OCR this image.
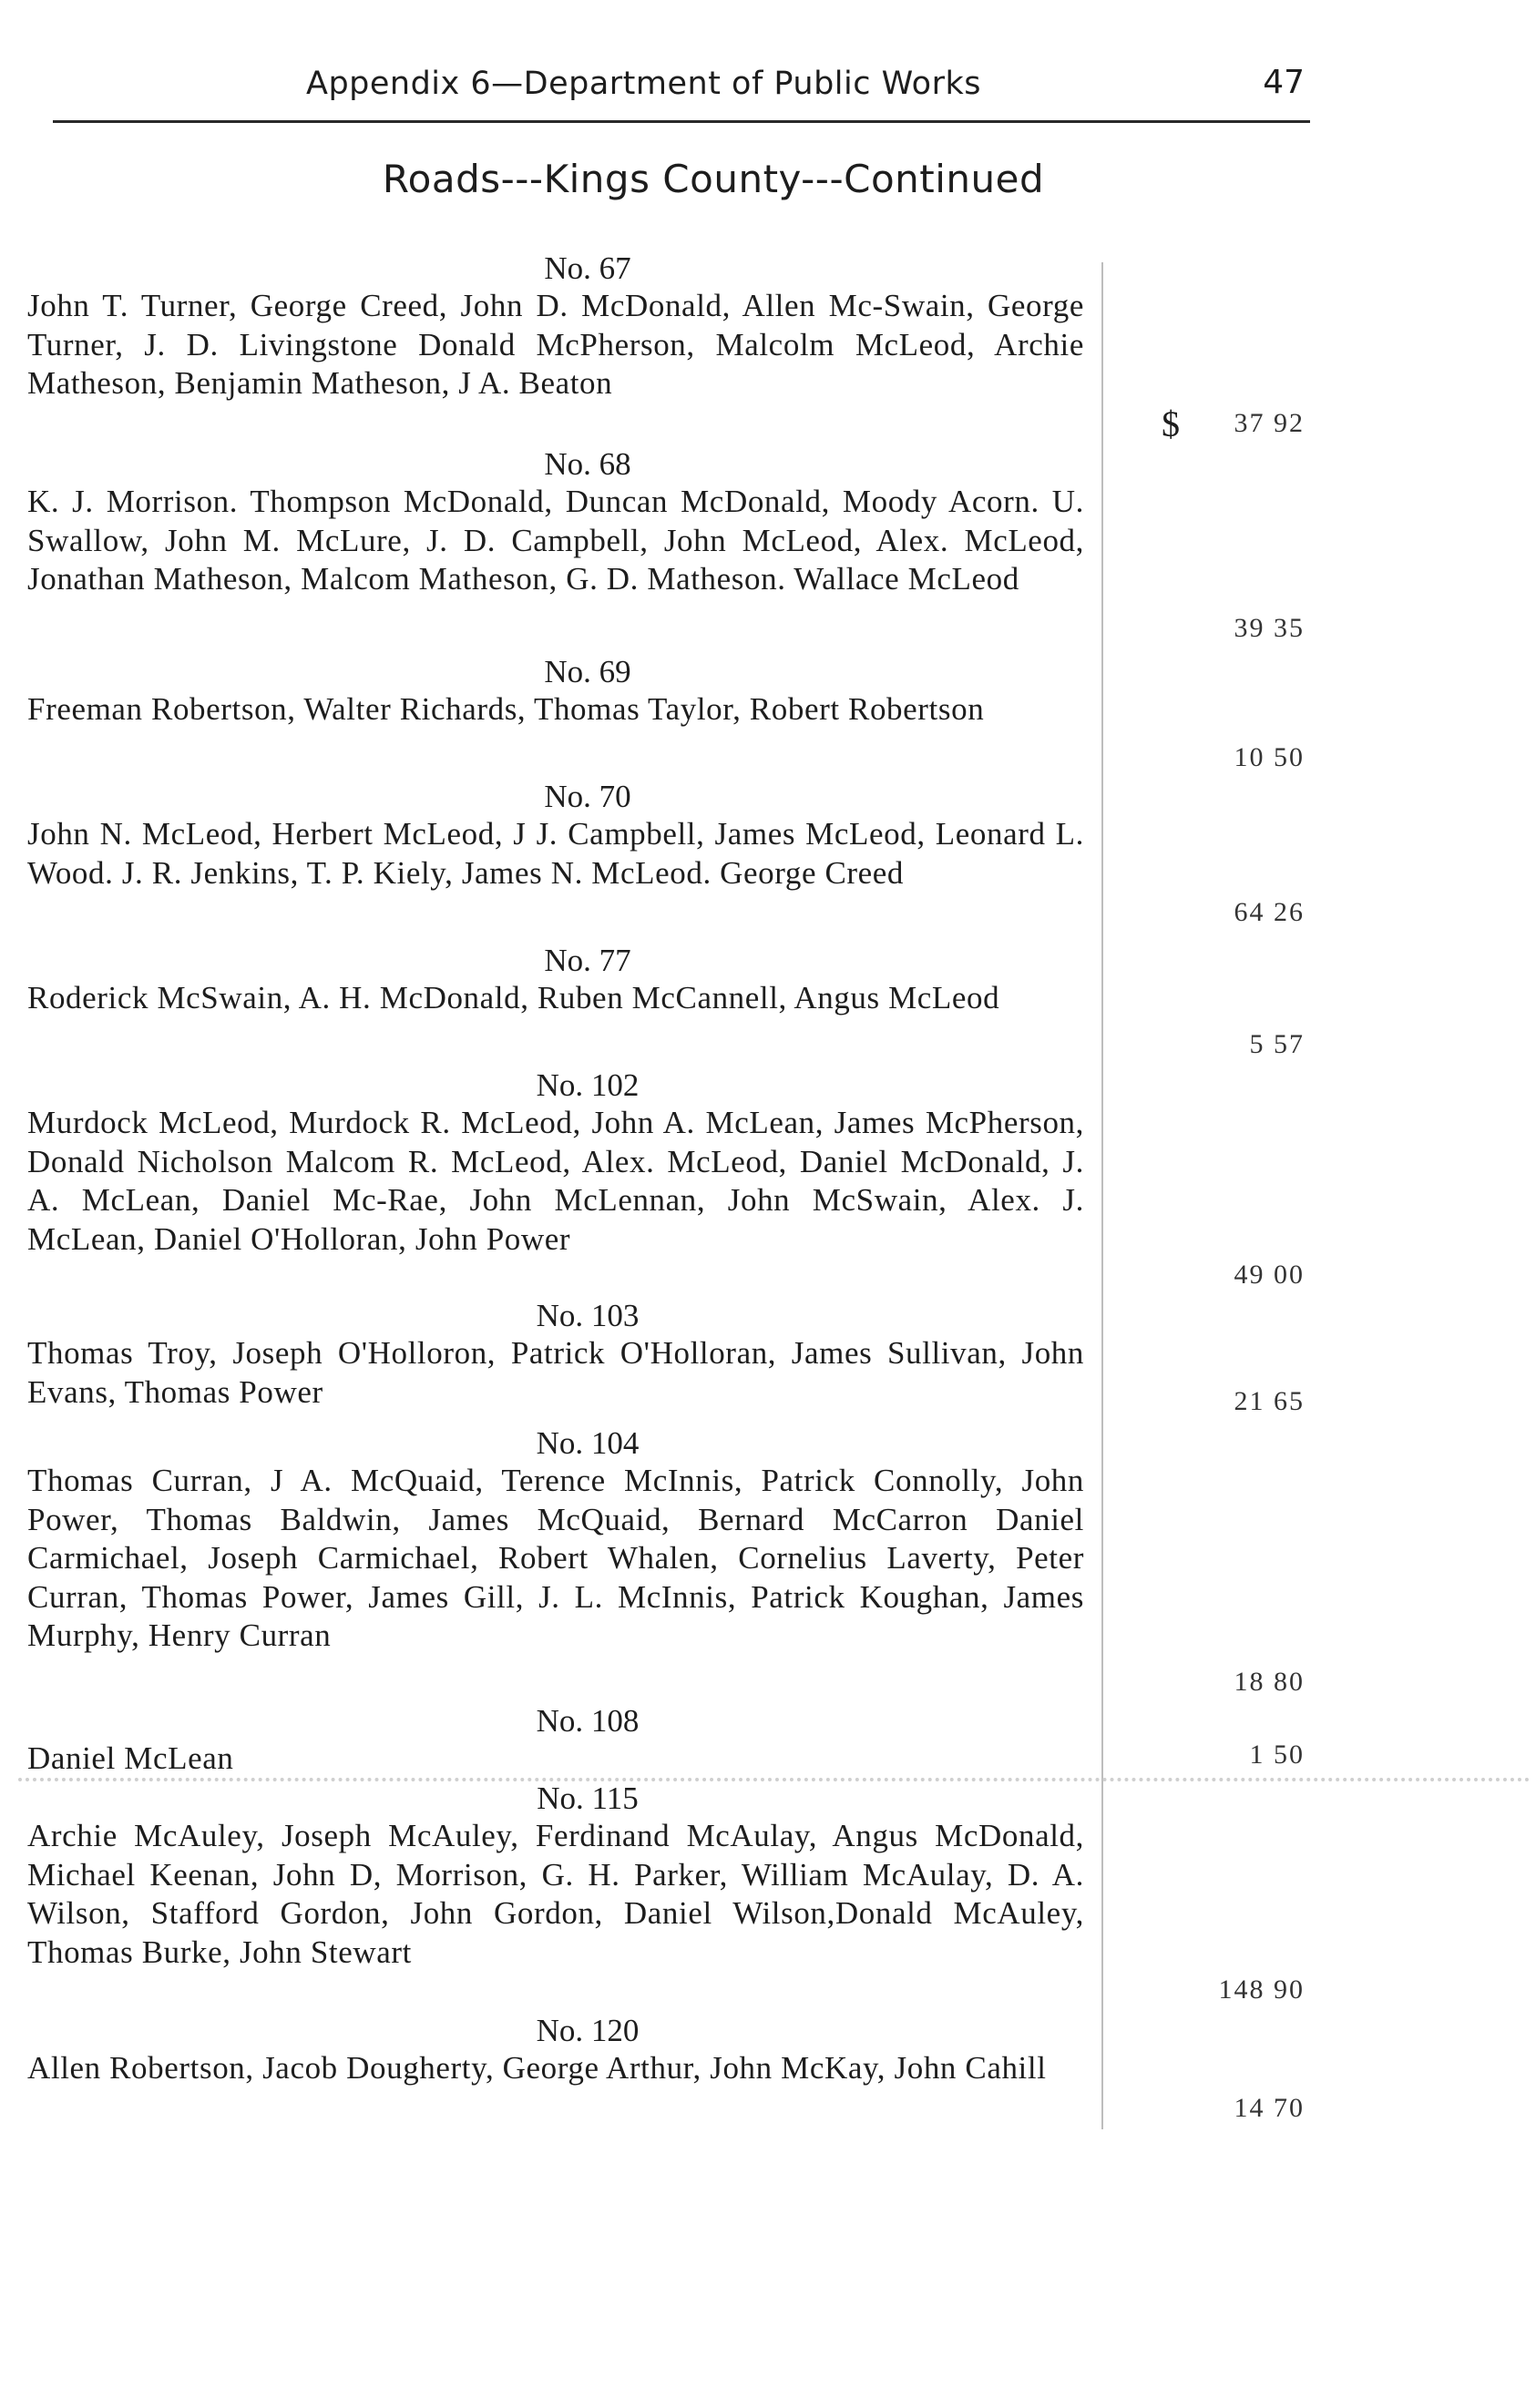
Appendix 6—Department of Public Works	47
Roads---Kings County---Continued
$
No. 67
John T. Turner, George Creed, John D. McDonald, Allen Mc-Swain, George Turner, J. D. Livingstone Donald McPherson, Malcolm McLeod, Archie Matheson, Benjamin Matheson, J A. Beaton
37 92
No. 68
K. J. Morrison. Thompson McDonald, Duncan McDonald, Moody Acorn. U. Swallow, John M. McLure, J. D. Campbell, John McLeod, Alex. McLeod, Jonathan Matheson, Malcom Matheson, G. D. Matheson. Wallace McLeod
39 35
No. 69
Freeman Robertson, Walter Richards, Thomas Taylor, Robert Robertson
10 50
No. 70
John N. McLeod, Herbert McLeod, J J. Campbell, James McLeod, Leonard L. Wood. J. R. Jenkins, T. P. Kiely, James N. McLeod. George Creed
64 26
No. 77
Roderick McSwain, A. H. McDonald, Ruben McCannell, Angus McLeod
5 57
No. 102
Murdock McLeod, Murdock R. McLeod, John A. McLean, James McPherson, Donald Nicholson Malcom R. McLeod, Alex. McLeod, Daniel McDonald, J. A. McLean, Daniel Mc-Rae, John McLennan, John McSwain, Alex. J. McLean, Daniel O'Holloran, John Power
49 00
No. 103
Thomas Troy, Joseph O'Holloron, Patrick O'Holloran, James Sullivan, John Evans, Thomas Power	21 65
No. 104
Thomas Curran, J A. McQuaid, Terence McInnis, Patrick Connolly, John Power, Thomas Baldwin, James McQuaid, Bernard McCarron Daniel Carmichael, Joseph Carmichael, Robert Whalen, Cornelius Laverty, Peter Curran, Thomas Power, James Gill, J. L. McInnis, Patrick Koughan, James Murphy, Henry Curran
18 80
No. 108
Daniel McLean	1 50
No. 115
Archie McAuley, Joseph McAuley, Ferdinand McAulay, Angus McDonald, Michael Keenan, John D, Morrison, G. H. Parker, William McAulay, D. A. Wilson, Stafford Gordon, John Gordon, Daniel Wilson,Donald McAuley, Thomas Burke, John Stewart
148 90
No. 120
Allen Robertson, Jacob Dougherty, George Arthur, John McKay, John Cahill
14 70
